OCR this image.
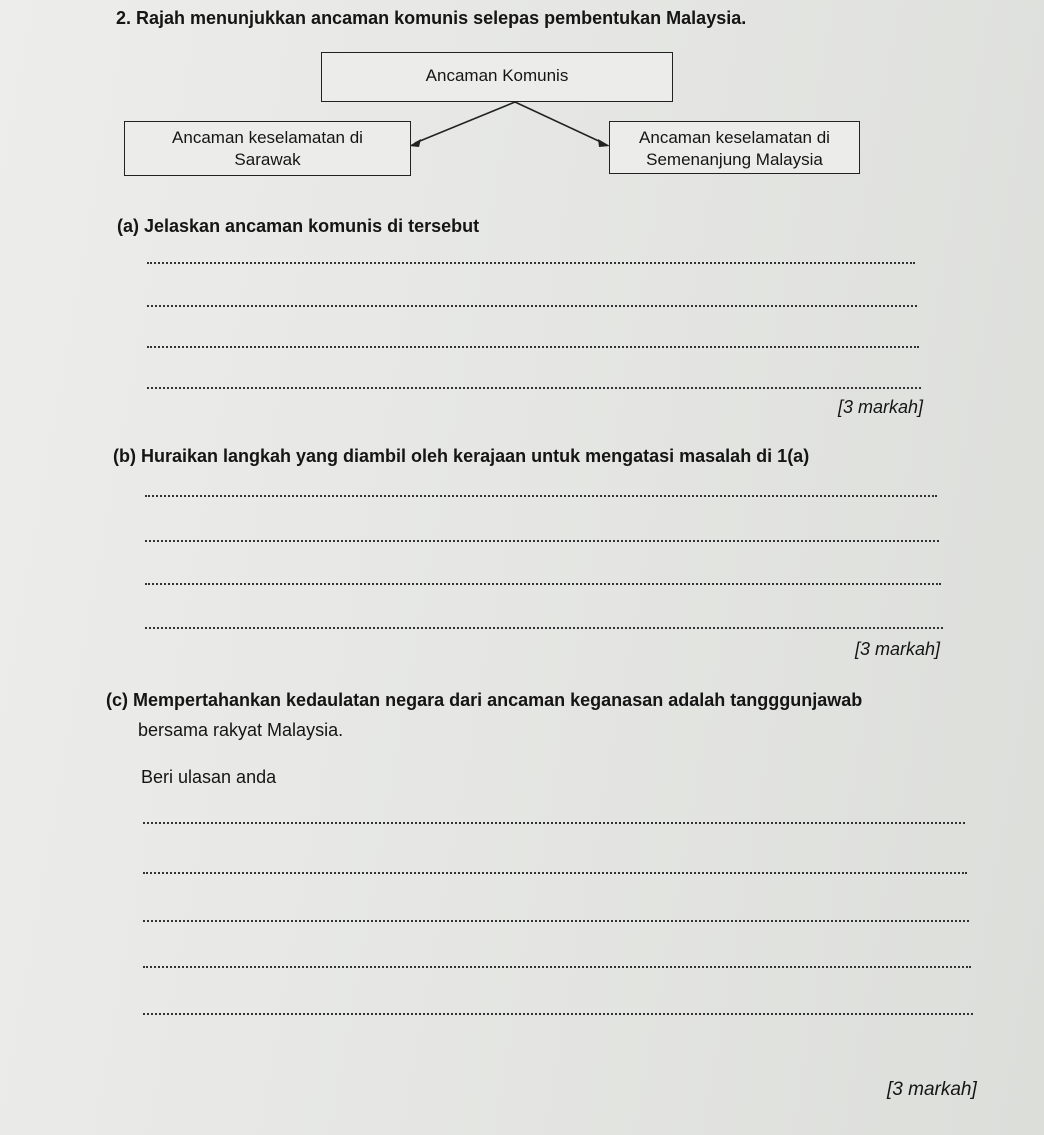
2. Rajah menunjukkan ancaman komunis selepas pembentukan Malaysia.
Ancaman Komunis
Ancaman keselamatan di
Sarawak
Ancaman keselamatan di
Semenanjung Malaysia
(a) Jelaskan ancaman komunis di tersebut
[3 markah]
(b) Huraikan langkah yang diambil oleh kerajaan untuk mengatasi masalah di 1(a)
[3 markah]
(c) Mempertahankan kedaulatan negara dari ancaman keganasan adalah tangggunjawab
bersama rakyat Malaysia.
Beri ulasan anda
[3 markah]
